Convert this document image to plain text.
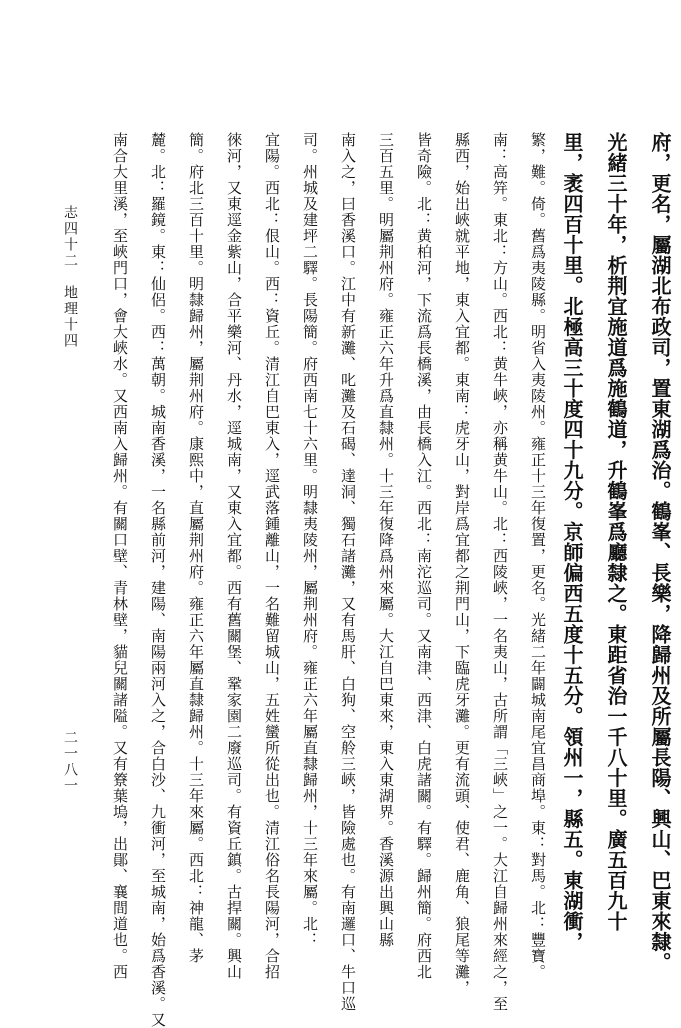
府，更名，屬湖北布政司，置東湖爲治。鶴峯、長樂，降歸州及所屬長陽、興山、巴東來隸。
光緒三十年，析荆宜施道爲施鶴道，升鶴峯爲廳隸之。東距省治一千八十里。廣五百九十
里，袤四百十里。北極高三十度四十九分。京師偏西五度十五分。領州一，縣五。東湖衝，
繁，難。倚。舊爲夷陵縣。明省入夷陵州。雍正十三年復置，更名。光緒二年闢城南尾宜昌商埠。東：對馬。北：豐寶。
南：高笄。東北：方山。西北：黄牛峽，亦稱黄牛山。北：西陵峽，一名夷山，古所謂「三峽」之一。大江自歸州來經之，至
縣西，始出峽就平地，東入宜都。東南：虎牙山，對岸爲宜都之荆門山，下臨虎牙灘。更有流頭、使君、鹿角、狼尾等灘，
皆奇險。北：黄柏河，下流爲長橋溪，由長橋入江。西北：南沱巡司。又南津、西津、白虎諸關。有驛。歸州簡。府西北
三百五里。明屬荆州府。雍正六年升爲直隸州。十三年復降爲州來屬。大江自巴東來，東入東湖界。香溪源出興山縣
南入之，曰香溪口。江中有新灘、叱灘及石碣、達洞、獨石諸灘，又有馬肝、白狗、空舲三峽，皆險處也。有南邏口、牛口巡
司。州城及建坪二驛。長陽簡。府西南七十六里。明隸夷陵州，屬荆州府。雍正六年屬直隸歸州，十三年來屬。北：
宜陽。西北：佷山。西：資丘。清江自巴東入，逕武落鍾離山，一名難留城山，五姓蠻所從出也。清江俗名長陽河，合招
徠河，又東逕金紫山，合平樂河、丹水，逕城南，又東入宜都。西有舊關堡、鞏家園二廢巡司。有資丘鎮。古捍關。興山
簡。府北三百十里。明隸歸州，屬荆州府。康熙中，直屬荆州府。雍正六年屬直隸歸州。十三年來屬。西北：神龍、茅
麓。北：羅鏡。東：仙侶。西：萬朝。城南香溪，一名縣前河，建陽、南陽兩河入之，合白沙、九衝河，至城南，始爲香溪。又
南合大里溪，至峽門口，會大峽水。又西南入歸州。有關口壁、青林壁，貓兒關諸隘。又有簝葉塢，出鄖、襄間道也。西
志四十二　地理十四
二一八一
